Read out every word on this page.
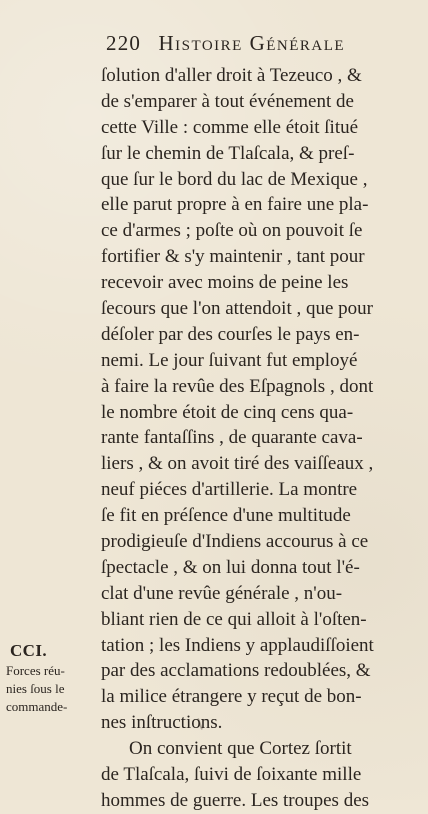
220 Histoire Générale
ſolution d'aller droit à Tezeuco , &
de s'emparer à tout événement de
cette Ville : comme elle étoit ſitué
ſur le chemin de Tlaſcala, & preſ-
que ſur le bord du lac de Mexique ,
elle parut propre à en faire une pla-
ce d'armes ; poſte où on pouvoit ſe
fortifier & s'y maintenir , tant pour
recevoir avec moins de peine les
ſecours que l'on attendoit , que pour
déſoler par des courſes le pays en-
nemi. Le jour ſuivant fut employé
à faire la revûe des Eſpagnols , dont
le nombre étoit de cinq cens qua-
rante fantaſſins , de quarante cava-
liers , & on avoit tiré des vaiſſeaux ,
neuf piéces d'artillerie. La montre
ſe fit en préſence d'une multitude
prodigieuſe d'Indiens accourus à ce
ſpectacle , & on lui donna tout l'é-
clat d'une revûe générale , n'ou-
bliant rien de ce qui alloit à l'oſten-
tation ; les Indiens y applaudiſſoient
par des acclamations redoublées, &
la milice étrangere y reçut de bon-
nes inſtructions.
On convient que Cortez ſortit
de Tlaſcala, ſuivi de ſoixante mille
hommes de guerre. Les troupes des
CCI.
Forces réu-
nies ſous le
commande-
